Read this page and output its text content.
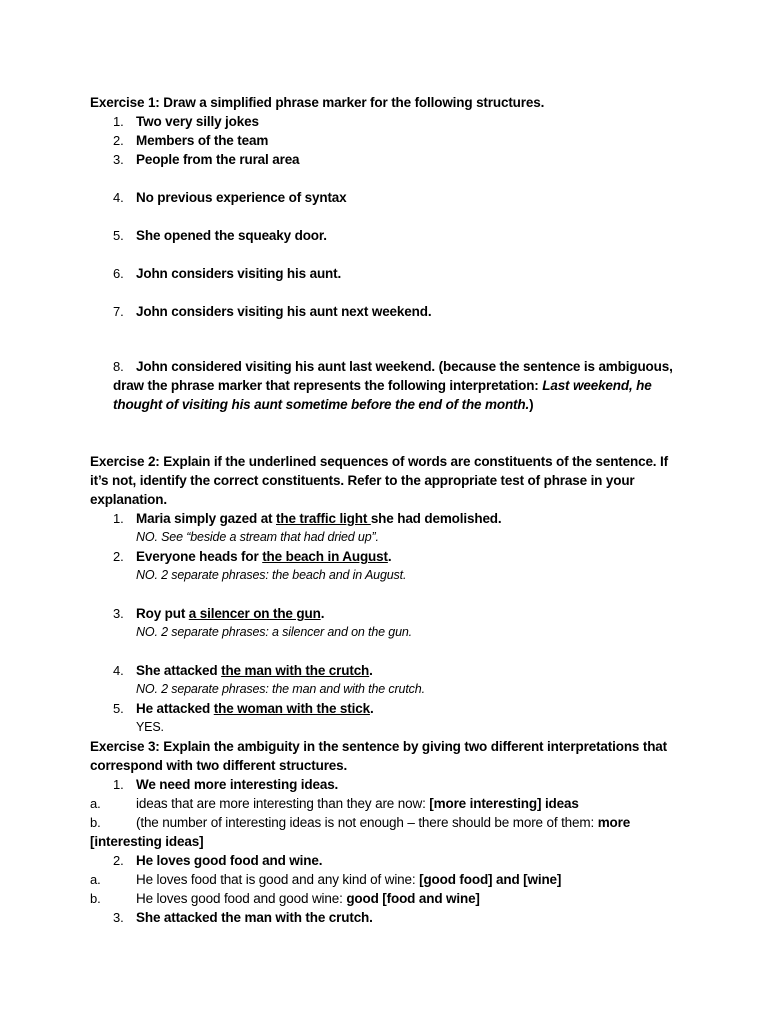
Exercise 1: Draw a simplified phrase marker for the following structures.
1. Two very silly jokes
2. Members of the team
3. People from the rural area
4. No previous experience of syntax
5. She opened the squeaky door.
6. John considers visiting his aunt.
7. John considers visiting his aunt next weekend.
8. John considered visiting his aunt last weekend. (because the sentence is ambiguous,
draw the phrase marker that represents the following interpretation: Last weekend, he
thought of visiting his aunt sometime before the end of the month.)
Exercise 2: Explain if the underlined sequences of words are constituents of the sentence. If
it’s not, identify the correct constituents. Refer to the appropriate test of phrase in your
explanation.
1. Maria simply gazed at the traffic light she had demolished.
NO. See “beside a stream that had dried up”.
2. Everyone heads for the beach in August.
NO. 2 separate phrases: the beach and in August.
3. Roy put a silencer on the gun.
NO. 2 separate phrases: a silencer and on the gun.
4. She attacked the man with the crutch.
NO. 2 separate phrases: the man and with the crutch.
5. He attacked the woman with the stick.
YES.
Exercise 3: Explain the ambiguity in the sentence by giving two different interpretations that
correspond with two different structures.
1. We need more interesting ideas.
a.	ideas that are more interesting than they are now: [more interesting] ideas
b.	(the number of interesting ideas is not enough – there should be more of them: more
[interesting ideas]
2. He loves good food and wine.
a.	He loves food that is good and any kind of wine: [good food] and [wine]
b.	He loves good food and good wine: good [food and wine]
3. She attacked the man with the crutch.
